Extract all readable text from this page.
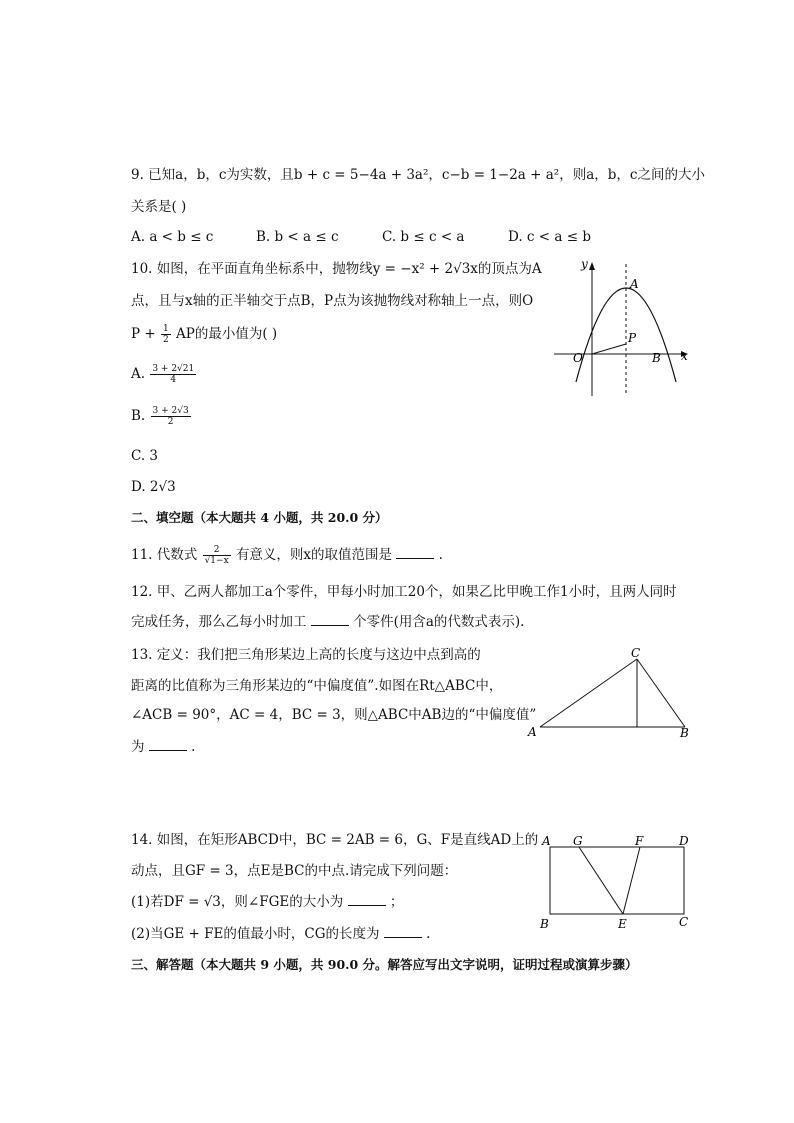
9. 已知a，b，c为实数，且b + c = 5−4a + 3a²，c−b = 1−2a + a²，则a，b，c之间的大小
关系是( )
A. a < b ≤ c	B. b < a ≤ c	C. b ≤ c < a	D. c < a ≤ b
10. 如图，在平面直角坐标系中，抛物线y = −x² + 2√3x的顶点为A
点，且与x轴的正半轴交于点B，P点为该抛物线对称轴上一点，则O
$P + \frac{1}{2}$ AP的最小值为( )
A. $\frac{3 + 2√21}{4}$
B. $\frac{3 + 2√3}{2}$
C. 3
D. 2√3
y
x
A
P
O	B
二、填空题（本大题共 4 小题，共 20.0 分）
11. 代数式 $\frac{2}{√1-x}$ 有意义，则x的取值范围是	.
12. 甲、乙两人都加工a个零件，甲每小时加工20个，如果乙比甲晚工作1小时，且两人同时
完成任务，那么乙每小时加工	个零件(用含a的代数式表示).
13. 定义：我们把三角形某边上高的长度与这边中点到高的
距离的比值称为三角形某边的“中偏度值”.如图在Rt△ABC中，
∠ACB = 90°，AC = 4，BC = 3，则△ABC中AB边的“中偏度值”
为	.
A	B
C
14. 如图，在矩形ABCD中，BC = 2AB = 6，G、F是直线AD上的
动点，且GF = 3，点E是BC的中点.请完成下列问题：
(1)若DF = √3，则∠FGE的大小为	；
(2)当GE + FE的值最小时，CG的长度为	.
A G	F	D
B	E	C
三、解答题（本大题共 9 小题，共 90.0 分。解答应写出文字说明，证明过程或演算步骤）
